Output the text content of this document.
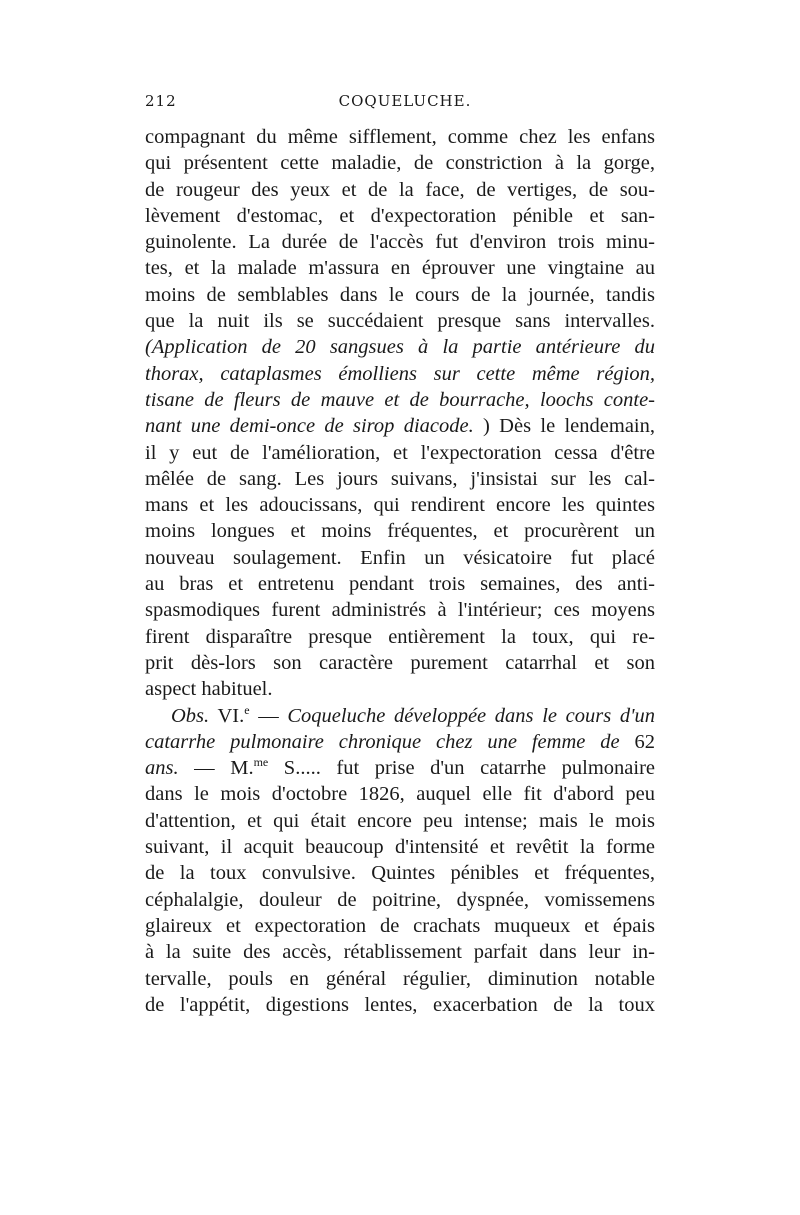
212	COQUELUCHE.
compagnant du même sifflement, comme chez les enfans
qui présentent cette maladie, de constriction à la gorge,
de rougeur des yeux et de la face, de vertiges, de sou-
lèvement d'estomac, et d'expectoration pénible et san-
guinolente. La durée de l'accès fut d'environ trois minu-
tes, et la malade m'assura en éprouver une vingtaine au
moins de semblables dans le cours de la journée, tandis
que la nuit ils se succédaient presque sans intervalles.
(Application de 20 sangsues à la partie antérieure du
thorax, cataplasmes émolliens sur cette même région,
tisane de fleurs de mauve et de bourrache, loochs conte-
nant une demi-once de sirop diacode. ) Dès le lendemain,
il y eut de l'amélioration, et l'expectoration cessa d'être
mêlée de sang. Les jours suivans, j'insistai sur les cal-
mans et les adoucissans, qui rendirent encore les quintes
moins longues et moins fréquentes, et procurèrent un
nouveau soulagement. Enfin un vésicatoire fut placé
au bras et entretenu pendant trois semaines, des anti-
spasmodiques furent administrés à l'intérieur; ces moyens
firent disparaître presque entièrement la toux, qui re-
prit dès-lors son caractère purement catarrhal et son
aspect habituel.
Obs. VI.$^e$ — Coqueluche développée dans le cours d'un
catarrhe pulmonaire chronique chez une femme de 62
ans. — M.$^{me}$ S..... fut prise d'un catarrhe pulmonaire
dans le mois d'octobre 1826, auquel elle fit d'abord peu
d'attention, et qui était encore peu intense; mais le mois
suivant, il acquit beaucoup d'intensité et revêtit la forme
de la toux convulsive. Quintes pénibles et fréquentes,
céphalalgie, douleur de poitrine, dyspnée, vomissemens
glaireux et expectoration de crachats muqueux et épais
à la suite des accès, rétablissement parfait dans leur in-
tervalle, pouls en général régulier, diminution notable
de l'appétit, digestions lentes, exacerbation de la toux
